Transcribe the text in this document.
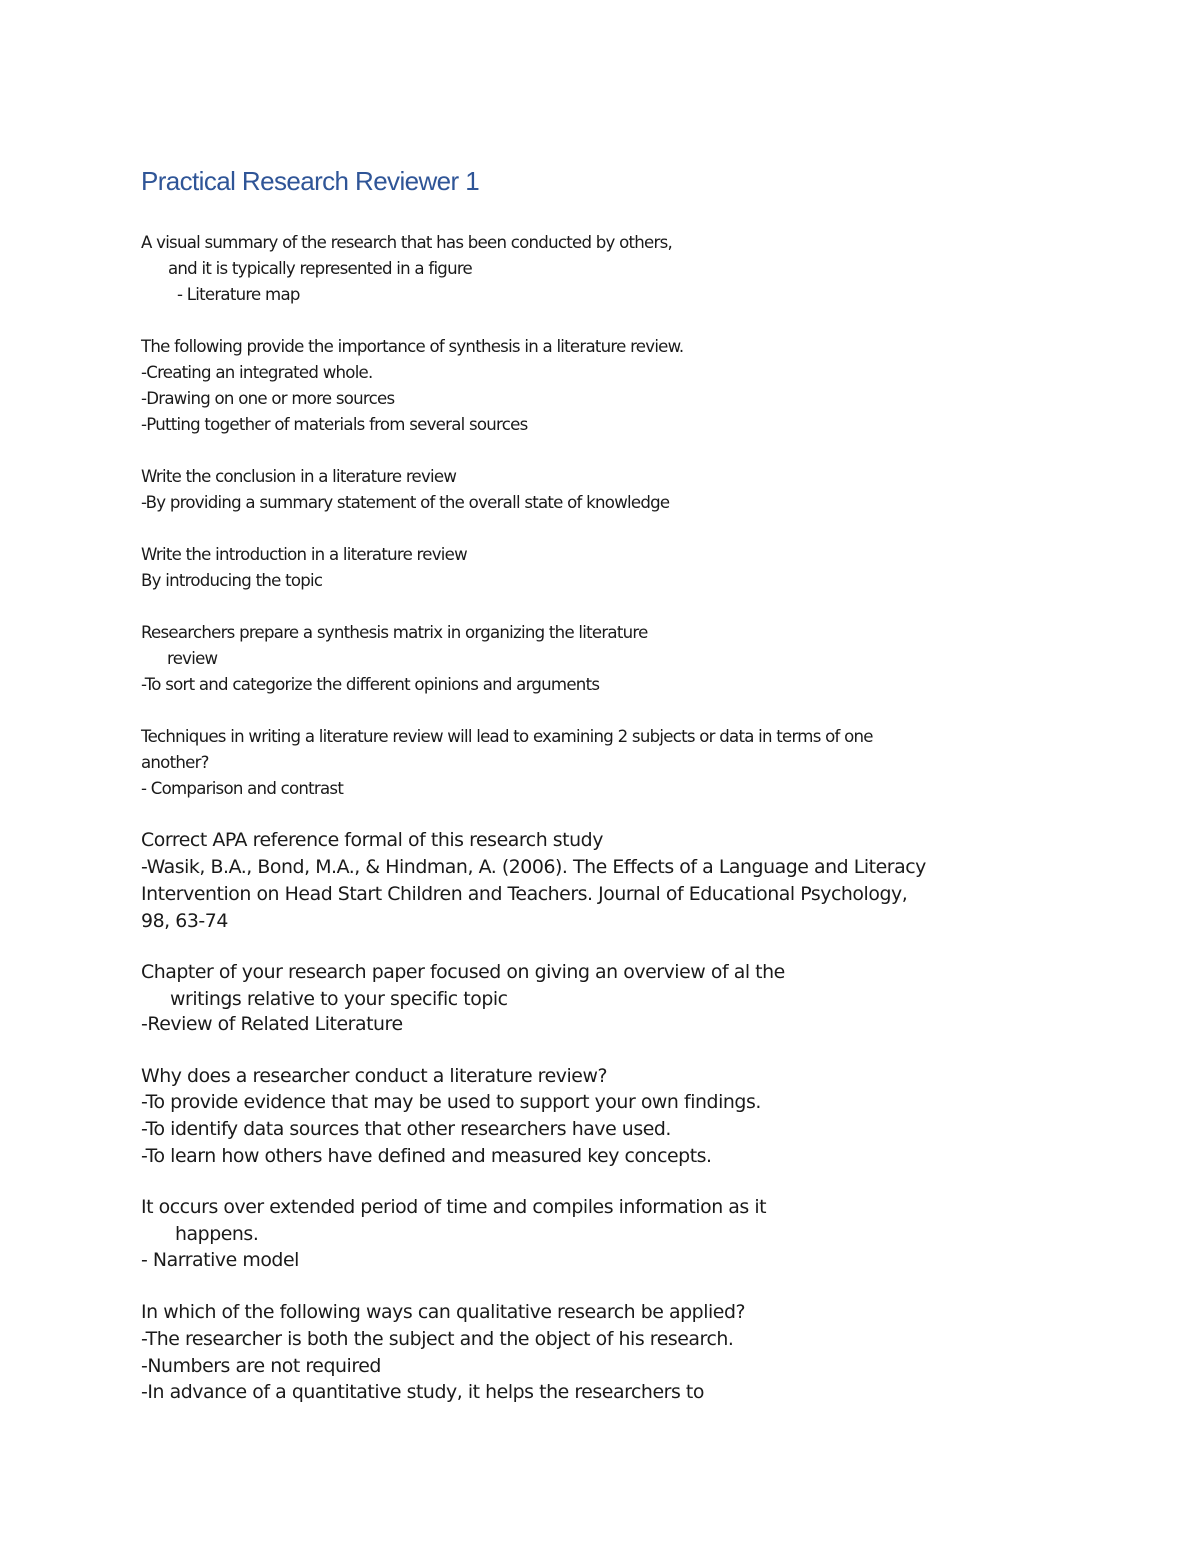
Practical Research Reviewer 1

A visual summary of the research that has been conducted by others,

and it is typically represented in a figure

- Literature map

The following provide the importance of synthesis in a literature review.

-Creating an integrated whole.

-Drawing on one or more sources

-Putting together of materials from several sources

Write the conclusion in a literature review

-By providing a summary statement of the overall state of knowledge

Write the introduction in a literature review

By introducing the topic

Researchers prepare a synthesis matrix in organizing the literature

review

-To sort and categorize the different opinions and arguments

Techniques in writing a literature review will lead to examining 2 subjects or data in terms of one

another?

- Comparison and contrast

Correct APA reference formal of this research study

-Wasik, B.A., Bond, M.A., & Hindman, A. (2006). The Effects of a Language and Literacy

Intervention on Head Start Children and Teachers. Journal of Educational Psychology,

98, 63-74

Chapter of your research paper focused on giving an overview of al the

writings relative to your specific topic

-Review of Related Literature

Why does a researcher conduct a literature review?

-To provide evidence that may be used to support your own findings.

-To identify data sources that other researchers have used.

-To learn how others have defined and measured key concepts.

It occurs over extended period of time and compiles information as it

happens.

- Narrative model

In which of the following ways can qualitative research be applied?

-The researcher is both the subject and the object of his research.

-Numbers are not required

-In advance of a quantitative study, it helps the researchers to
